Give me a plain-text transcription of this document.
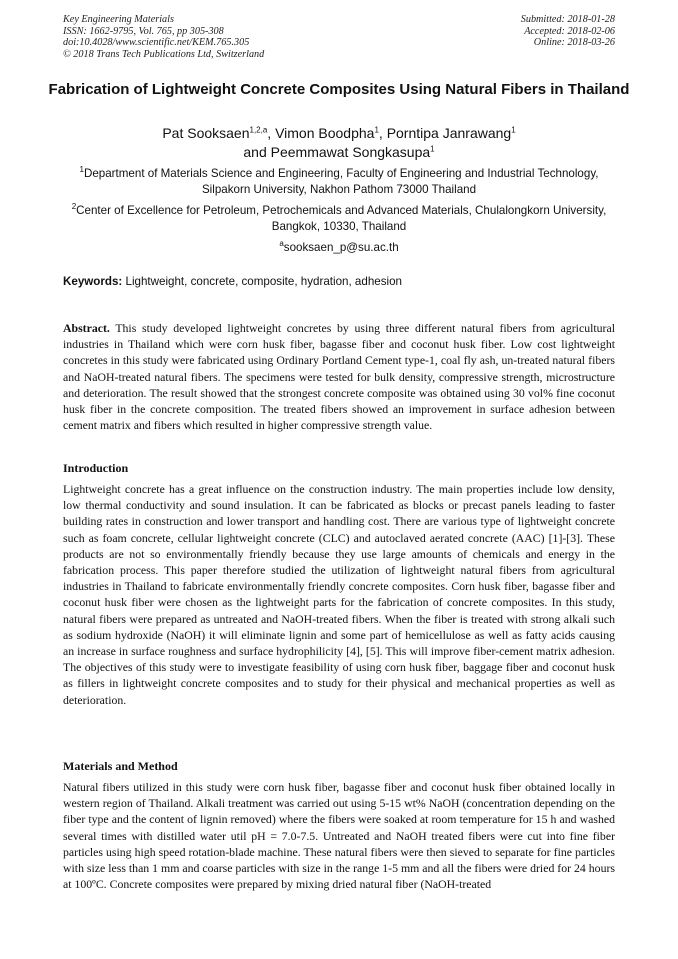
Key Engineering Materials
ISSN: 1662-9795, Vol. 765, pp 305-308
doi:10.4028/www.scientific.net/KEM.765.305
© 2018 Trans Tech Publications Ltd, Switzerland
Submitted: 2018-01-28
Accepted: 2018-02-06
Online: 2018-03-26
Fabrication of Lightweight Concrete Composites Using Natural Fibers in Thailand
Pat Sooksaen$^{1,2,a}$, Vimon Boodpha$^1$, Porntipa Janrawang$^1$
and Peemmawat Songkasupa$^1$
$^1$Department of Materials Science and Engineering, Faculty of Engineering and Industrial Technology, Silpakorn University, Nakhon Pathom 73000 Thailand
$^2$Center of Excellence for Petroleum, Petrochemicals and Advanced Materials, Chulalongkorn University, Bangkok, 10330, Thailand
$^a$sooksaen_p@su.ac.th
Keywords: Lightweight, concrete, composite, hydration, adhesion
Abstract. This study developed lightweight concretes by using three different natural fibers from agricultural industries in Thailand which were corn husk fiber, bagasse fiber and coconut husk fiber. Low cost lightweight concretes in this study were fabricated using Ordinary Portland Cement type-1, coal fly ash, un-treated natural fibers and NaOH-treated natural fibers. The specimens were tested for bulk density, compressive strength, microstructure and deterioration. The result showed that the strongest concrete composite was obtained using 30 vol% fine coconut husk fiber in the concrete composition. The treated fibers showed an improvement in surface adhesion between cement matrix and fibers which resulted in higher compressive strength value.
Introduction
Lightweight concrete has a great influence on the construction industry. The main properties include low density, low thermal conductivity and sound insulation. It can be fabricated as blocks or precast panels leading to faster building rates in construction and lower transport and handling cost. There are various type of lightweight concrete such as foam concrete, cellular lightweight concrete (CLC) and autoclaved aerated concrete (AAC) [1]-[3]. These products are not so environmentally friendly because they use large amounts of chemicals and energy in the fabrication process. This paper therefore studied the utilization of lightweight natural fibers from agricultural industries in Thailand to fabricate environmentally friendly concrete composites. Corn husk fiber, bagasse fiber and coconut husk fiber were chosen as the lightweight parts for the fabrication of concrete composites. In this study, natural fibers were prepared as untreated and NaOH-treated fibers. When the fiber is treated with strong alkali such as sodium hydroxide (NaOH) it will eliminate lignin and some part of hemicellulose as well as fatty acids causing an increase in surface roughness and surface hydrophilicity [4], [5]. This will improve fiber-cement matrix adhesion. The objectives of this study were to investigate feasibility of using corn husk fiber, baggage fiber and coconut husk as fillers in lightweight concrete composites and to study for their physical and mechanical properties as well as deterioration.
Materials and Method
Natural fibers utilized in this study were corn husk fiber, bagasse fiber and coconut husk fiber obtained locally in western region of Thailand. Alkali treatment was carried out using 5-15 wt% NaOH (concentration depending on the fiber type and the content of lignin removed) where the fibers were soaked at room temperature for 15 h and washed several times with distilled water util pH = 7.0-7.5. Untreated and NaOH treated fibers were cut into fine fiber particles using high speed rotation-blade machine. These natural fibers were then sieved to separate for fine particles with size less than 1 mm and coarse particles with size in the range 1-5 mm and all the fibers were dried for 24 hours at 100ºC. Concrete composites were prepared by mixing dried natural fiber (NaOH-treated
